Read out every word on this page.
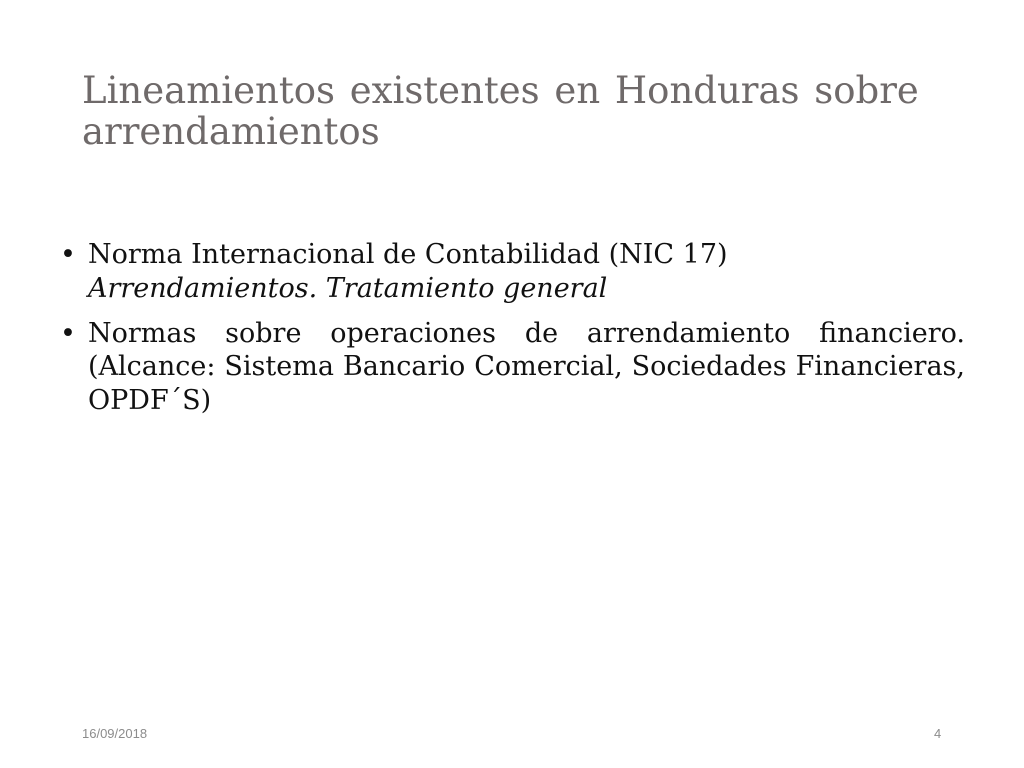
Lineamientos existentes en Honduras sobre arrendamientos
• Norma Internacional de Contabilidad (NIC 17)
Arrendamientos. Tratamiento general
• Normas sobre operaciones de arrendamiento financiero. (Alcance: Sistema Bancario Comercial, Sociedades Financieras, OPDF´S)
16/09/2018	4
